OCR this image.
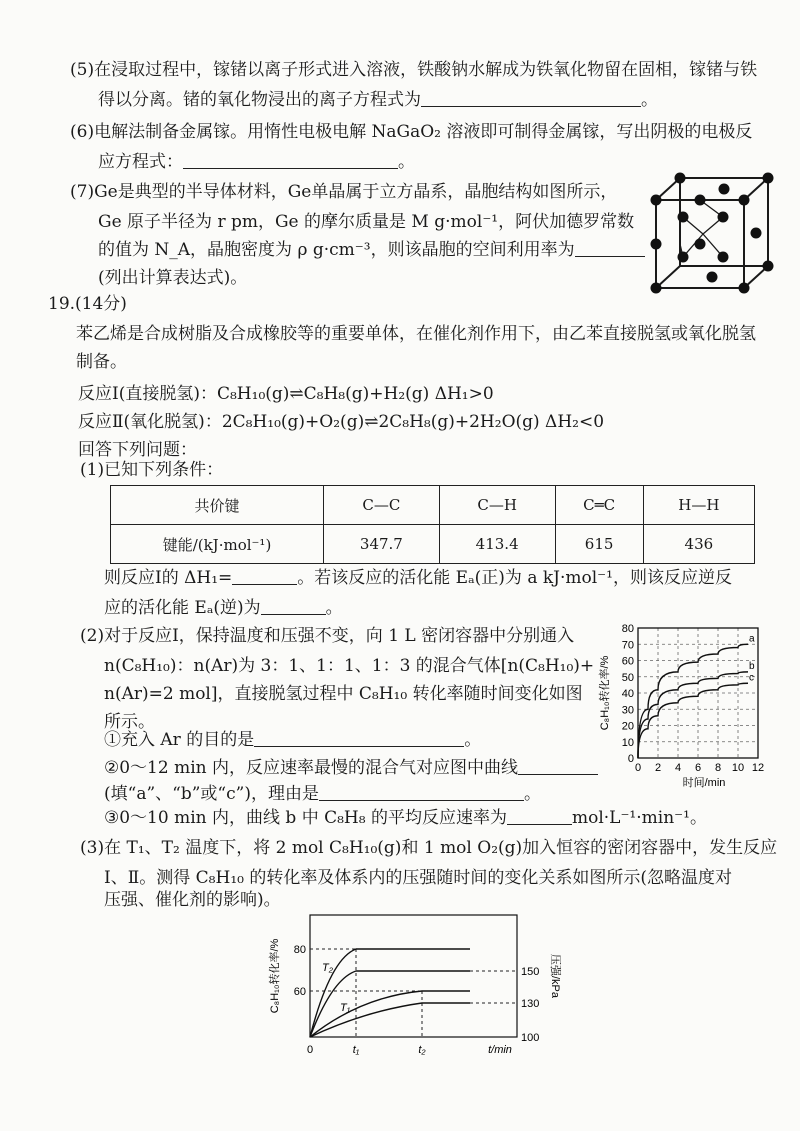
(5)在浸取过程中，镓锗以离子形式进入溶液，铁酸钠水解成为铁氧化物留在固相，镓锗与铁
得以分离。锗的氧化物浸出的离子方程式为	。
(6)电解法制备金属镓。用惰性电极电解 NaGaO₂ 溶液即可制得金属镓，写出阴极的电极反
应方程式：	。
(7)Ge是典型的半导体材料，Ge单晶属于立方晶系，晶胞结构如图所示，
Ge 原子半径为 r pm，Ge 的摩尔质量是 M g·mol⁻¹，阿伏加德罗常数
的值为 N_A，晶胞密度为 ρ g·cm⁻³，则该晶胞的空间利用率为
(列出计算表达式)。
19.(14分)
苯乙烯是合成树脂及合成橡胶等的重要单体，在催化剂作用下，由乙苯直接脱氢或氧化脱氢
制备。
反应Ⅰ(直接脱氢)：C₈H₁₀(g)⇌C₈H₈(g)+H₂(g) ΔH₁>0
反应Ⅱ(氧化脱氢)：2C₈H₁₀(g)+O₂(g)⇌2C₈H₈(g)+2H₂O(g) ΔH₂<0
回答下列问题：
(1)已知下列条件：
共价键	C—C	C—H	C═C	H—H
键能/(kJ·mol⁻¹)	347.7	413.4	615	436
则反应Ⅰ的 ΔH₁=	。若该反应的活化能 Eₐ(正)为 a kJ·mol⁻¹，则该反应逆反
应的活化能 Eₐ(逆)为	。
(2)对于反应Ⅰ，保持温度和压强不变，向 1 L 密闭容器中分别通入
n(C₈H₁₀)：n(Ar)为 3：1、1：1、1：3 的混合气体[n(C₈H₁₀)+
n(Ar)=2 mol]，直接脱氢过程中 C₈H₁₀ 转化率随时间变化如图
所示。
①充入 Ar 的目的是	。
②0～12 min 内，反应速率最慢的混合气对应图中曲线
(填“a”、“b”或“c”)，理由是	。
③0～10 min 内，曲线 b 中 C₈H₈ 的平均反应速率为	mol·L⁻¹·min⁻¹。
(3)在 T₁、T₂ 温度下，将 2 mol C₈H₁₀(g)和 1 mol O₂(g)加入恒容的密闭容器中，发生反应
Ⅰ、Ⅱ。测得 C₈H₁₀ 的转化率及体系内的压强随时间的变化关系如图所示(忽略温度对
压强、催化剂的影响)。
0
10
20
30
40
50
60
70
80
0 2 4 6 8 10 12
时间/min
C₈H₁₀转化率/%
a
b
c
T₂
T₁
80
60
150
130
100
0	t₁	t₂	t/min
C₈H₁₀转化率/%	压强/kPa
